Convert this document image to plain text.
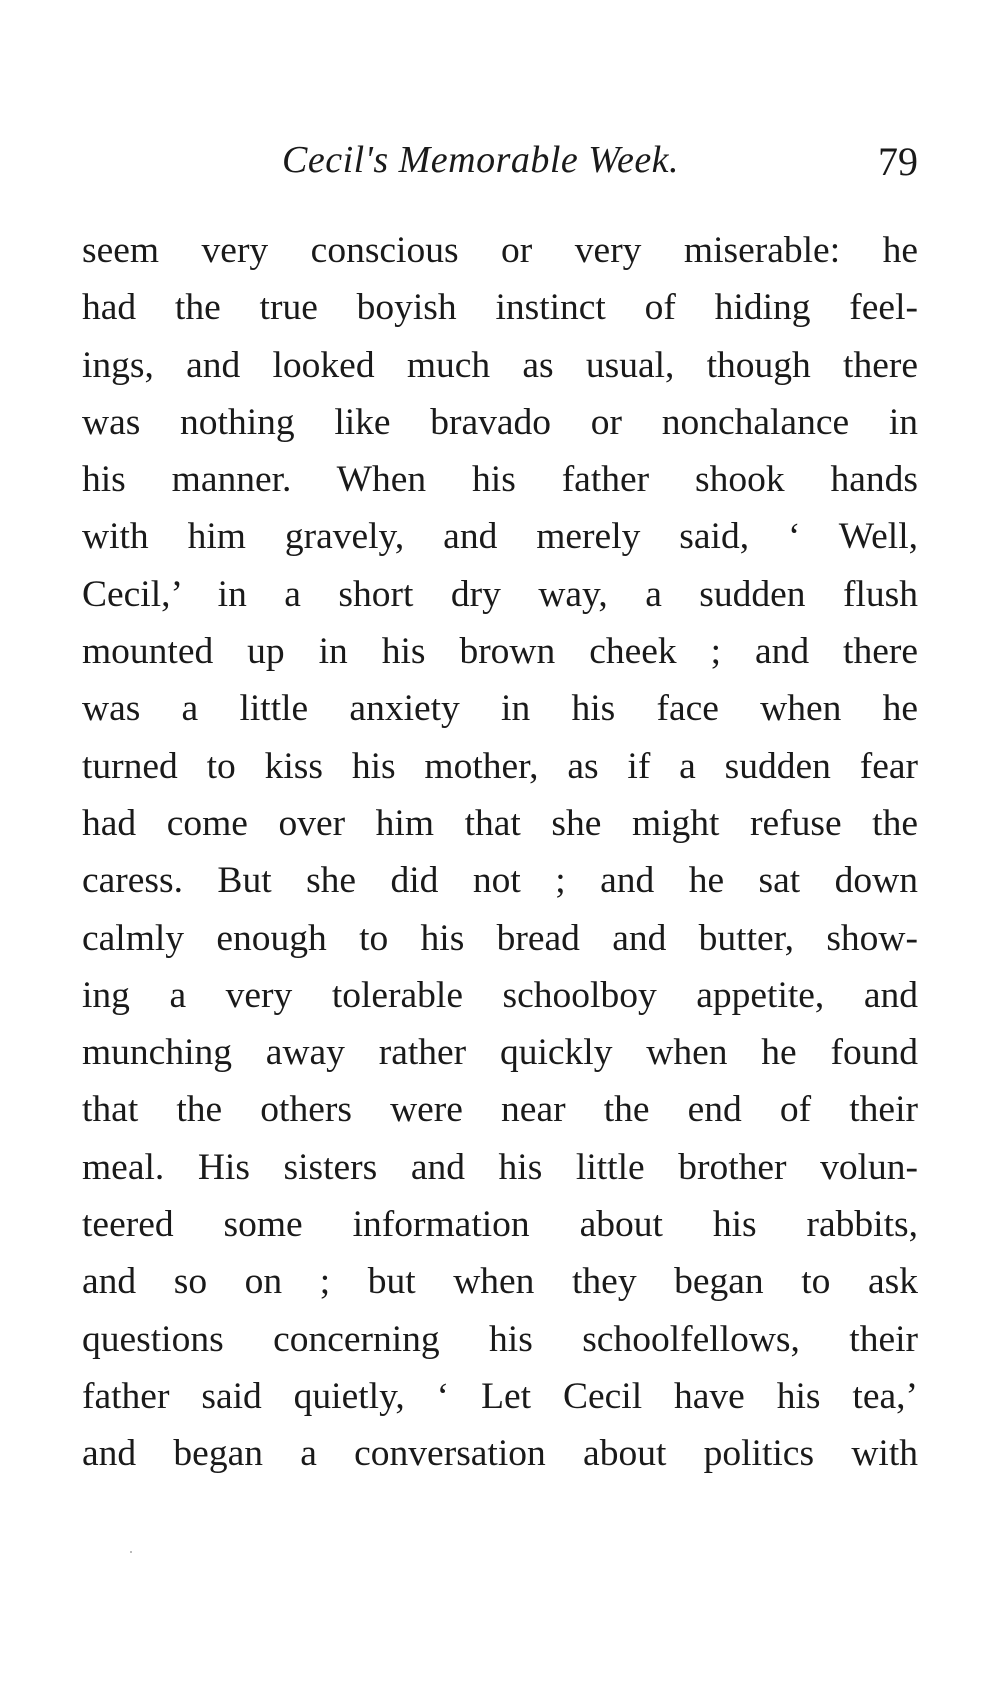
Cecil's Memorable Week.	79
seem very conscious or very miserable: he
had the true boyish instinct of hiding feel-
ings, and looked much as usual, though there
was nothing like bravado or nonchalance in
his manner. When his father shook hands
with him gravely, and merely said, ‘ Well,
Cecil,’ in a short dry way, a sudden flush
mounted up in his brown cheek ; and there
was a little anxiety in his face when he
turned to kiss his mother, as if a sudden fear
had come over him that she might refuse the
caress. But she did not ; and he sat down
calmly enough to his bread and butter, show-
ing a very tolerable schoolboy appetite, and
munching away rather quickly when he found
that the others were near the end of their
meal. His sisters and his little brother volun-
teered some information about his rabbits,
and so on ; but when they began to ask
questions concerning his schoolfellows, their
father said quietly, ‘ Let Cecil have his tea,’
and began a conversation about politics with
